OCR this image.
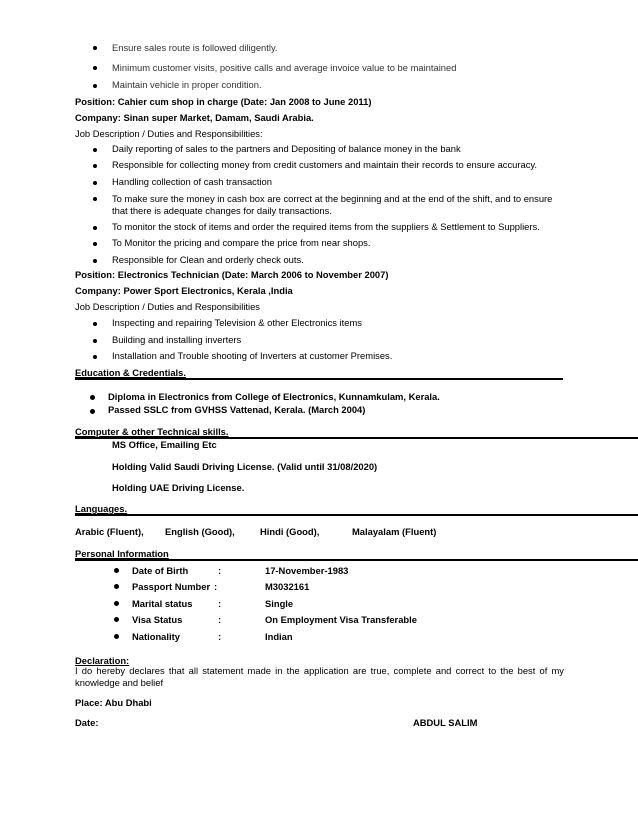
Ensure sales route is followed diligently.
Minimum customer visits, positive calls and average invoice value to be maintained
Maintain vehicle in proper condition.
Position: Cahier cum shop in charge (Date: Jan 2008 to June 2011)
Company: Sinan super Market, Damam, Saudi Arabia.
Job Description / Duties and Responsibilities:
Daily reporting of sales to the partners and Depositing of balance money in the bank
Responsible for collecting money from credit customers and maintain their records to ensure accuracy.
Handling collection of cash transaction
To make sure the money in cash box are correct at the beginning and at the end of the shift, and to ensure that there is adequate changes for daily transactions.
To monitor the stock of items and order the required items from the suppliers & Settlement to Suppliers.
To Monitor the pricing and compare the price from near shops.
Responsible for Clean and orderly check outs.
Position: Electronics Technician (Date: March 2006 to November 2007)
Company: Power Sport Electronics, Kerala ,India
Job Description / Duties and Responsibilities
Inspecting and repairing Television & other Electronics items
Building and installing inverters
Installation and Trouble shooting of Inverters at customer Premises.
Education & Credentials.
Diploma in Electronics from College of Electronics, Kunnamkulam, Kerala.
Passed SSLC from GVHSS Vattenad, Kerala. (March 2004)
Computer & other Technical skills.
MS Office, Emailing Etc
Holding Valid Saudi Driving License. (Valid until 31/08/2020)
Holding UAE Driving License.
Languages.
Arabic (Fluent), English (Good),	Hindi (Good),	Malayalam (Fluent)
Personal Information
Date of Birth	:	17-November-1983
Passport Number :	M3032161
Marital status	:	Single
Visa Status	:	On Employment Visa Transferable
Nationality	:	Indian
Declaration:
I do hereby declares that all statement made in the application are true, complete and correct to the best of my knowledge and belief
Place: Abu Dhabi
Date:	ABDUL SALIM
